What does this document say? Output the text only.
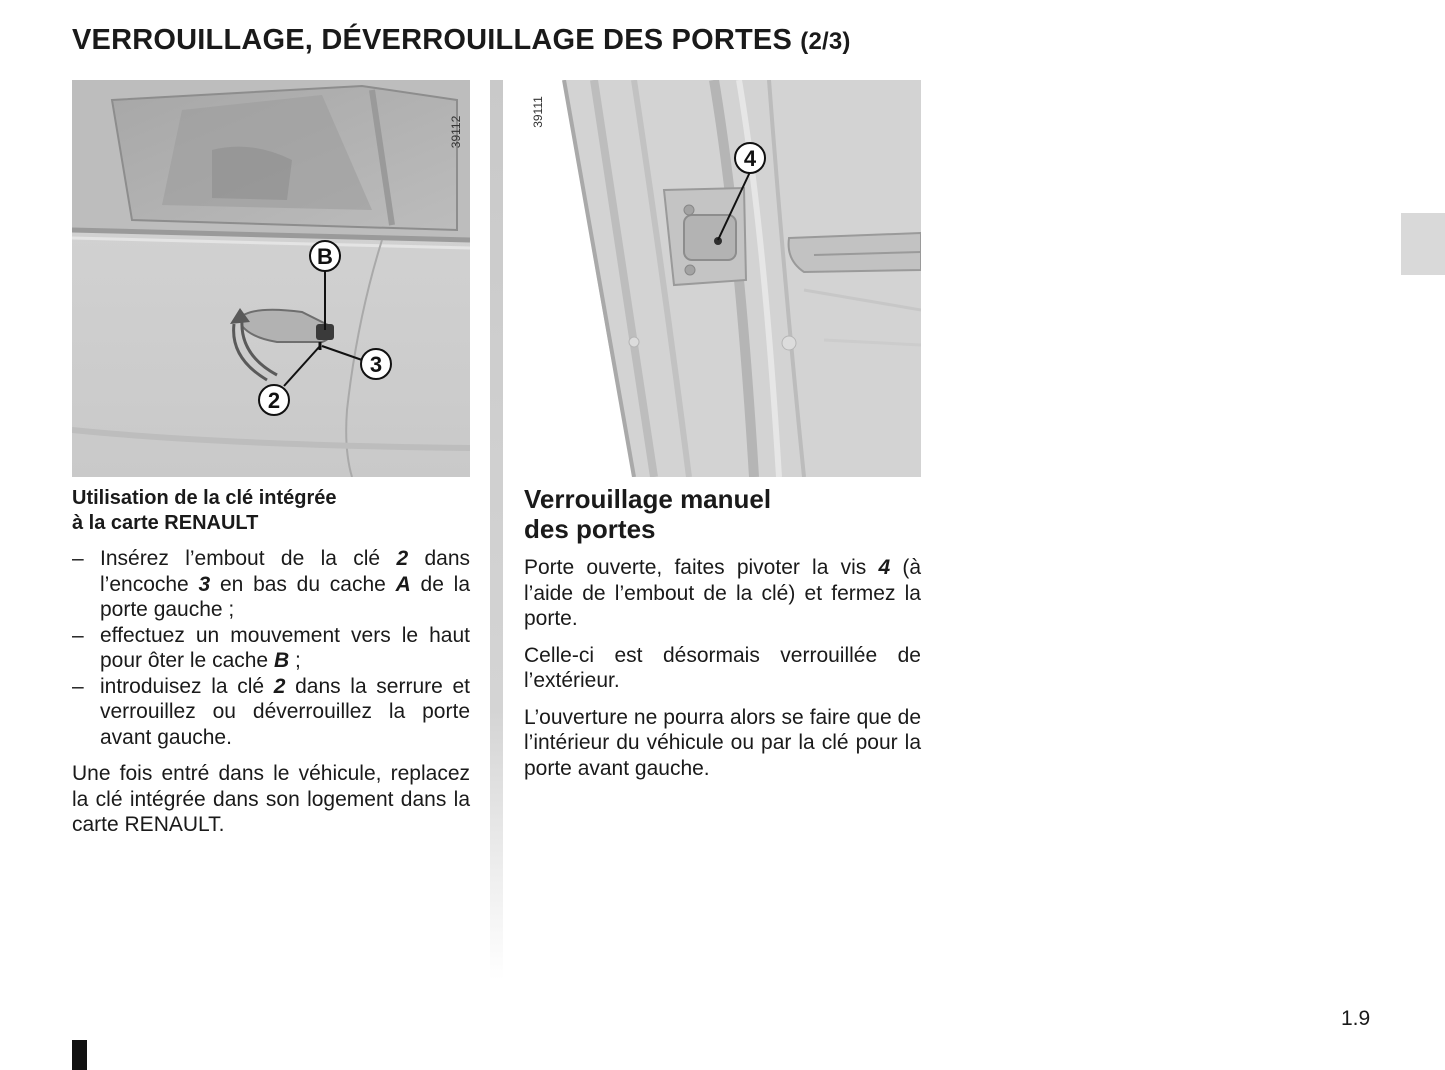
VERROUILLAGE, DÉVERROUILLAGE DES PORTES (2/3)
39112
B
3
2
39111
4
Utilisation de la clé intégrée
à la carte RENAULT
– Insérez l’embout de la clé 2 dans l’encoche 3 en bas du cache A de la porte gauche ;
– effectuez un mouvement vers le haut pour ôter le cache B ;
– introduisez la clé 2 dans la serrure et verrouillez ou déverrouillez la porte avant gauche.

Une fois entré dans le véhicule, replacez la clé intégrée dans son logement dans la carte RENAULT.

Verrouillage manuel
des portes

Porte ouverte, faites pivoter la vis 4 (à l’aide de l’embout de la clé) et fermez la porte.

Celle-ci est désormais verrouillée de l’extérieur.

L’ouverture ne pourra alors se faire que de l’intérieur du véhicule ou par la clé pour la porte avant gauche.

1.9
